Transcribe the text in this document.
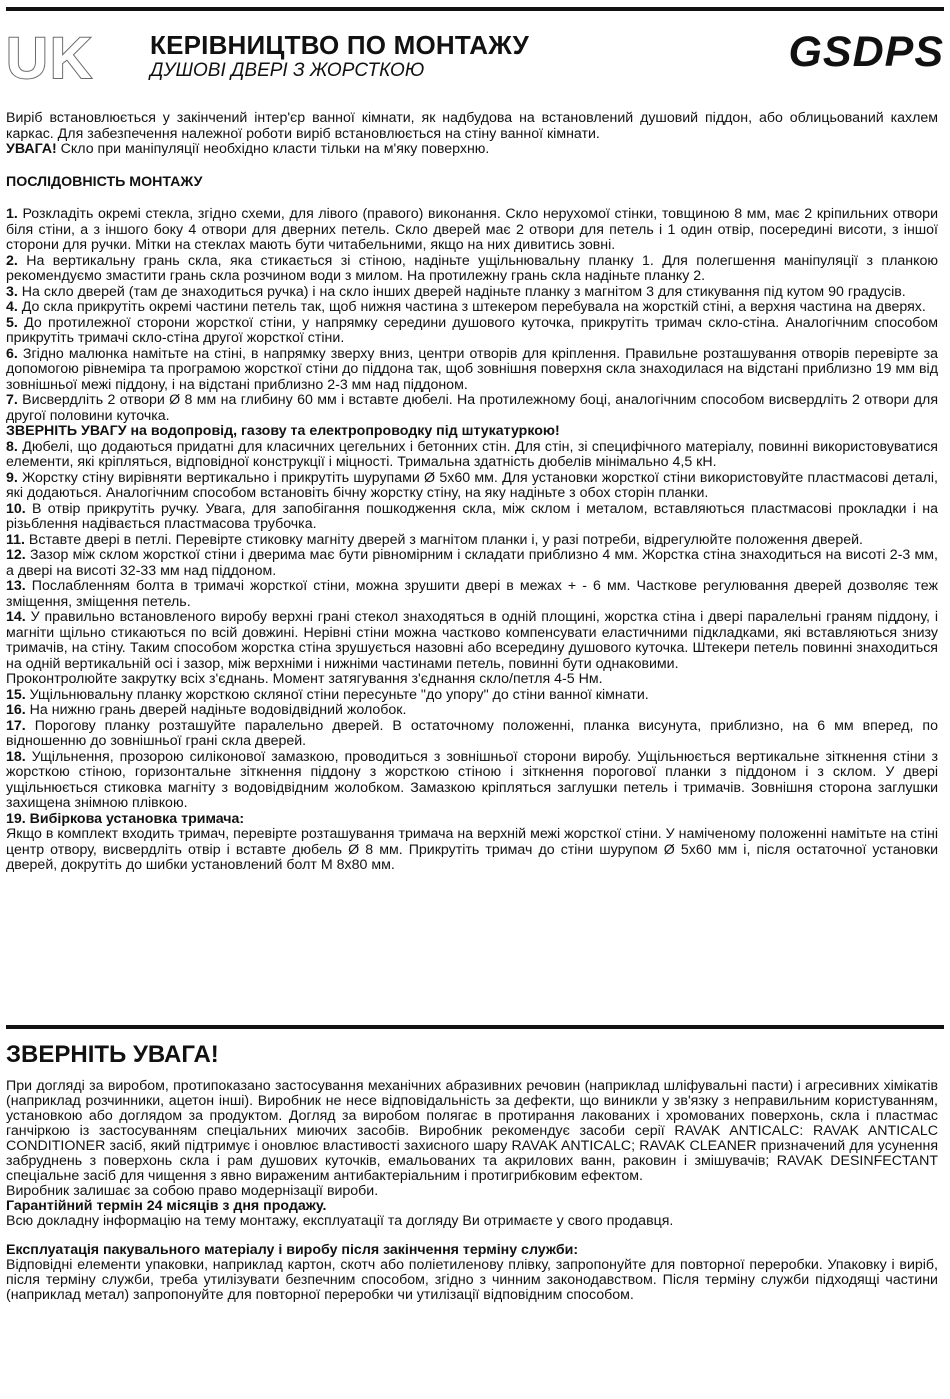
UK КЕРІВНИЦТВО ПО МОНТАЖУ
ДУШОВІ ДВЕРІ З ЖОРСТКОЮ	GSDPS

Виріб встановлюється у закінчений інтер'єр ванної кімнати, як надбудова на встановлений душовий піддон, або облицьований кахлем каркас. Для забезпечення належної роботи виріб встановлюється на стіну ванної кімнати.

УВАГА! Скло при маніпуляції необхідно класти тільки на м'яку поверхню.

ПОСЛІДОВНІСТЬ МОНТАЖУ

1. Розкладіть окремі стекла, згідно схеми, для лівого (правого) виконання. Скло нерухомої стінки, товщиною 8 мм, має 2 кріпильних отвори біля стіни, а з іншого боку 4 отвори для дверних петель. Скло дверей має 2 отвори для петель і 1 один отвір, посередині висоти, з іншої сторони для ручки. Мітки на стеклах мають бути читабельними, якщо на них дивитись зовні.

2. На вертикальну грань скла, яка стикається зі стіною, надіньте ущільнювальну планку 1. Для полегшення маніпуляції з планкою рекомендуємо змастити грань скла розчином води з милом. На протилежну грань скла надіньте планку 2.

3. На скло дверей (там де знаходиться ручка) і на скло інших дверей надіньте планку з магнітом 3 для стикування під кутом 90 градусів.

4. До скла прикрутіть окремі частини петель так, щоб нижня частина з штекером перебувала на жорсткій стіні, а верхня частина на дверях.

5. До протилежної сторони жорсткої стіни, у напрямку середини душового куточка, прикрутіть тримач скло-стіна. Аналогічним способом прикрутіть тримачі скло-стіна другої жорсткої стіни.

6. Згідно малюнка намітьте на стіні, в напрямку зверху вниз, центри отворів для кріплення. Правильне розташування отворів перевірте за допомогою рівнеміра та програмою жорсткої стіни до піддона так, щоб зовнішня поверхня скла знаходилася на відстані приблизно 19 мм від зовнішньої межі піддону, і на відстані приблизно 2-3 мм над піддоном.

7. Висвердліть 2 отвори Ø 8 мм на глибину 60 мм і вставте дюбелі. На протилежному боці, аналогічним способом висвердліть 2 отвори для другої половини куточка.

ЗВЕРНІТЬ УВАГУ на водопровід, газову та електропроводку під штукатуркою!

8. Дюбелі, що додаються придатні для класичних цегельних і бетонних стін. Для стін, зі специфічного матеріалу, повинні використовуватися елементи, які кріпляться, відповідної конструкції і міцності. Тримальна здатність дюбелів мінімально 4,5 кН.

9. Жорстку стіну вирівняти вертикально і прикрутіть шурупами Ø 5х60 мм. Для установки жорсткої стіни використовуйте пластмасові деталі, які додаються. Аналогічним способом встановіть бічну жорстку стіну, на яку надіньте з обох сторін планки.

10. В отвір прикрутіть ручку. Увага, для запобігання пошкодження скла, між склом і металом, вставляються пластмасові прокладки і на різьблення надівається пластмасова трубочка.

11. Вставте двері в петлі. Перевірте стиковку магніту дверей з магнітом планки і, у разі потреби, відрегулюйте положення дверей.

12. Зазор між склом жорсткої стіни і дверима має бути рівномірним і складати приблизно 4 мм. Жорстка стіна знаходиться на висоті 2-3 мм, а двері на висоті 32-33 мм над піддоном.

13. Послабленням болта в тримачі жорсткої стіни, можна зрушити двері в межах + - 6 мм. Часткове регулювання дверей дозволяє теж зміщення, зміщення петель.

14. У правильно встановленого виробу верхні грані стекол знаходяться в одній площині, жорстка стіна і двері паралельні граням піддону, і магніти щільно стикаються по всій довжині. Нерівні стіни можна частково компенсувати еластичними підкладками, які вставляються знизу тримачів, на стіну. Таким способом жорстка стіна зрушується назовні або всередину душового куточка. Штекери петель повинні знаходиться на одній вертикальній осі і зазор, між верхніми і нижніми частинами петель, повинні бути однаковими.

Проконтролюйте закрутку всіх з'єднань. Момент затягування з'єднання скло/петля 4-5 Нм.

15. Ущільнювальну планку жорсткою скляної стіни пересуньте "до упору" до стіни ванної кімнати.

16. На нижню грань дверей надіньте водовідвідний жолобок.

17. Порогову планку розташуйте паралельно дверей. В остаточному положенні, планка висунута, приблизно, на 6 мм вперед, по відношенню до зовнішньої грані скла дверей.

18. Ущільнення, прозорою силіконової замазкою, проводиться з зовнішньої сторони виробу. Ущільнюється вертикальне зіткнення стіни з жорсткою стіною, горизонтальне зіткнення піддону з жорсткою стіною і зіткнення порогової планки з піддоном і з склом. У двері ущільнюється стиковка магніту з водовідвідним жолобком. Замазкою кріпляться заглушки петель і тримачів. Зовнішня сторона заглушки захищена знімною плівкою.

19. Вибіркова установка тримача:

Якщо в комплект входить тримач, перевірте розташування тримача на верхній межі жорсткої стіни. У наміченому положенні намітьте на стіні центр отвору, висвердліть отвір і вставте дюбель Ø 8 мм. Прикрутіть тримач до стіни шурупом Ø 5х60 мм і, після остаточної установки дверей, докрутіть до шибки установлений болт М 8х80 мм.

ЗВЕРНІТЬ УВАГА!

При догляді за виробом, протипоказано застосування механічних абразивних речовин (наприклад шліфувальні пасти) і агресивних хімікатів (наприклад розчинники, ацетон інші). Виробник не несе відповідальність за дефекти, що виникли у зв'язку з неправильним користуванням, установкою або доглядом за продуктом. Догляд за виробом полягає в протирання лакованих і хромованих поверхонь, скла і пластмас ганчіркою із застосуванням спеціальних миючих засобів. Виробник рекомендує засоби серії RAVAK ANTICALC: RAVAK ANTICALC CONDITIONER засіб, який підтримує і оновлює властивості захисного шару RAVAK ANTICALC; RAVAK CLEANER призначений для усунення забруднень з поверхонь скла і рам душових куточків, емальованих та акрилових ванн, раковин і змішувачів; RAVAK DESINFECTANT спеціальне засіб для чищення з явно вираженим антибактеріальним і протигрибковим ефектом.

Виробник залишає за собою право модернізації вироби.

Гарантійний термін 24 місяців з дня продажу.

Всю докладну інформацію на тему монтажу, експлуатації та догляду Ви отримаєте у свого продавця.

Експлуатація пакувального матеріалу і виробу після закінчення терміну служби:

Відповідні елементи упаковки, наприклад картон, скотч або поліетиленову плівку, запропонуйте для повторної переробки. Упаковку і виріб, після терміну служби, треба утилізувати безпечним способом, згідно з чинним законодавством. Після терміну служби підходящі частини (наприклад метал) запропонуйте для повторної переробки чи утилізації відповідним способом.
